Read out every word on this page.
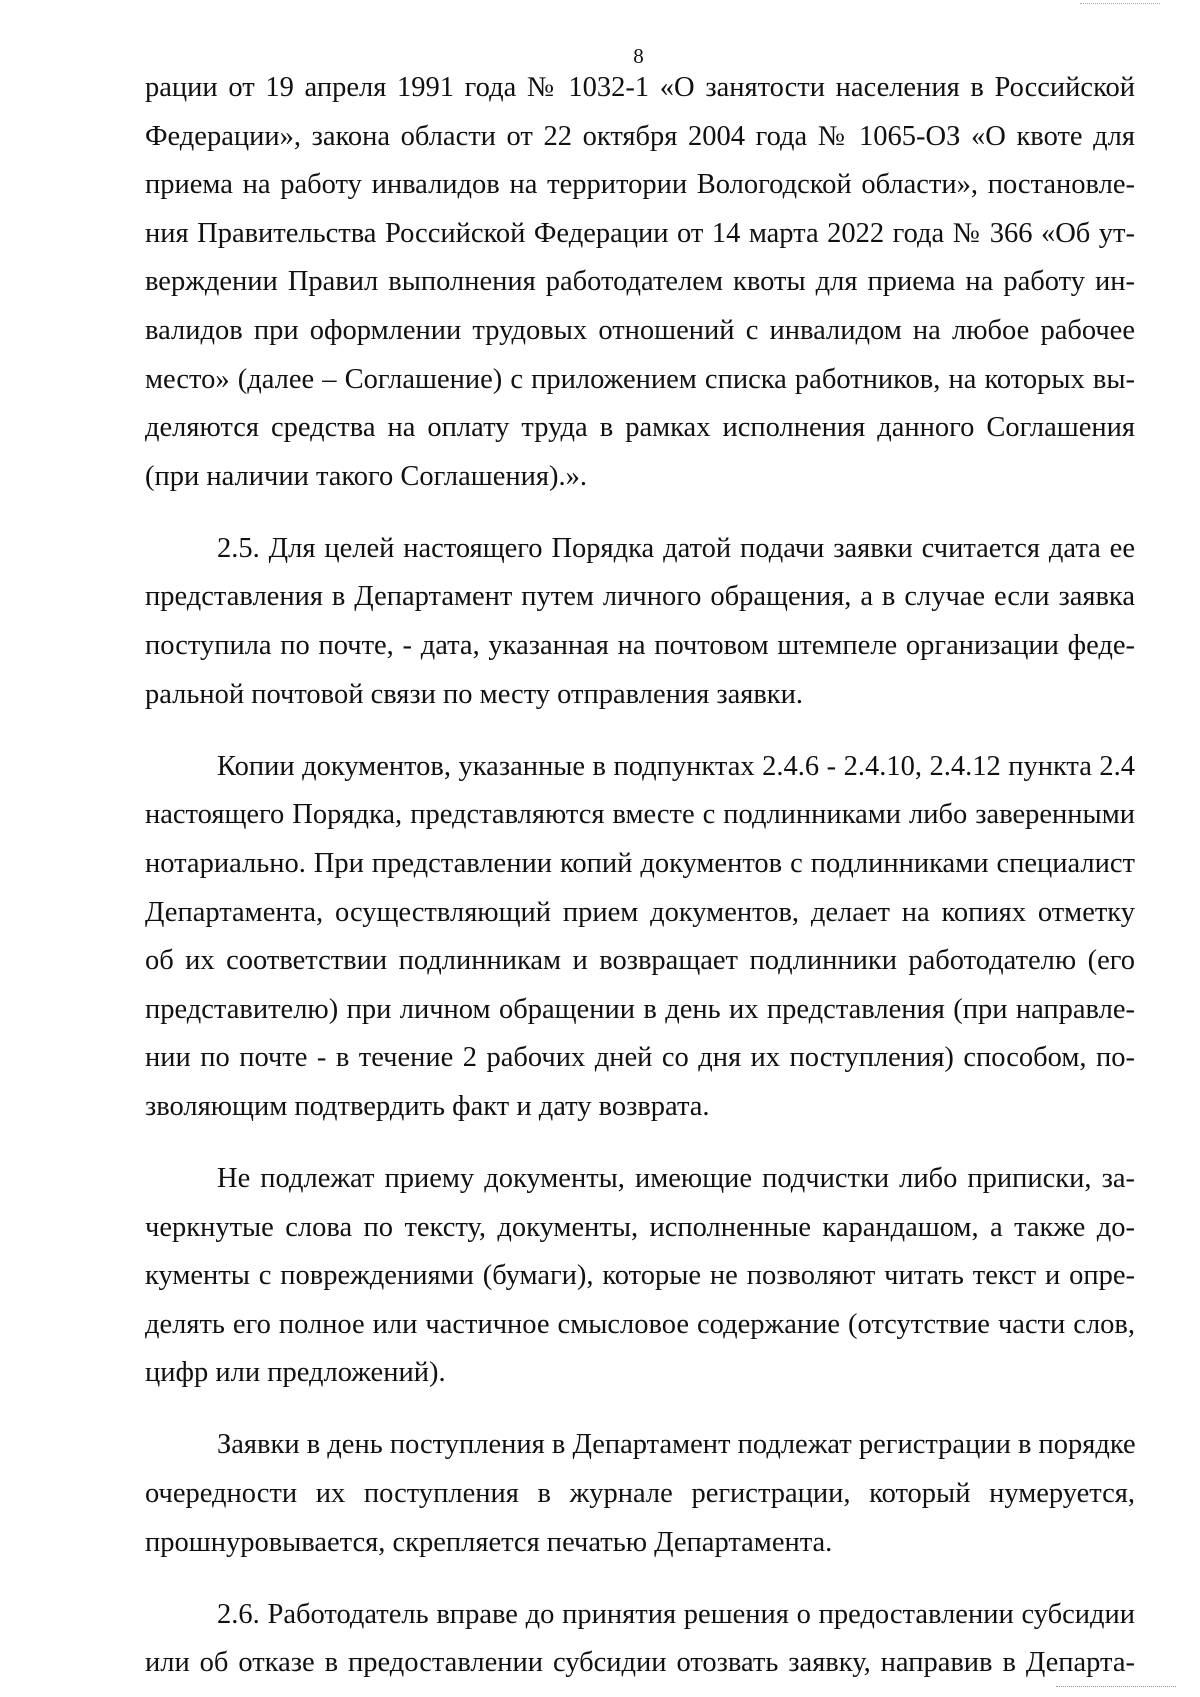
8
рации от 19 апреля 1991 года № 1032-1 «О занятости населения в Российской
Федерации», закона области от 22 октября 2004 года № 1065-ОЗ «О квоте для
приема на работу инвалидов на территории Вологодской области», постановле-
ния Правительства Российской Федерации от 14 марта 2022 года № 366 «Об ут-
верждении Правил выполнения работодателем квоты для приема на работу ин-
валидов при оформлении трудовых отношений с инвалидом на любое рабочее
место» (далее – Соглашение) с приложением списка работников, на которых вы-
деляются средства на оплату труда в рамках исполнения данного Соглашения
(при наличии такого Соглашения).».
2.5. Для целей настоящего Порядка датой подачи заявки считается дата ее
представления в Департамент путем личного обращения, а в случае если заявка
поступила по почте, - дата, указанная на почтовом штемпеле организации феде-
ральной почтовой связи по месту отправления заявки.
Копии документов, указанные в подпунктах 2.4.6 - 2.4.10, 2.4.12 пункта 2.4
настоящего Порядка, представляются вместе с подлинниками либо заверенными
нотариально. При представлении копий документов с подлинниками специалист
Департамента, осуществляющий прием документов, делает на копиях отметку
об их соответствии подлинникам и возвращает подлинники работодателю (его
представителю) при личном обращении в день их представления (при направле-
нии по почте - в течение 2 рабочих дней со дня их поступления) способом, по-
зволяющим подтвердить факт и дату возврата.
Не подлежат приему документы, имеющие подчистки либо приписки, за-
черкнутые слова по тексту, документы, исполненные карандашом, а также до-
кументы с повреждениями (бумаги), которые не позволяют читать текст и опре-
делять его полное или частичное смысловое содержание (отсутствие части слов,
цифр или предложений).
Заявки в день поступления в Департамент подлежат регистрации в порядке
очередности их поступления в журнале регистрации, который нумеруется,
прошнуровывается, скрепляется печатью Департамента.
2.6. Работодатель вправе до принятия решения о предоставлении субсидии
или об отказе в предоставлении субсидии отозвать заявку, направив в Департа-
